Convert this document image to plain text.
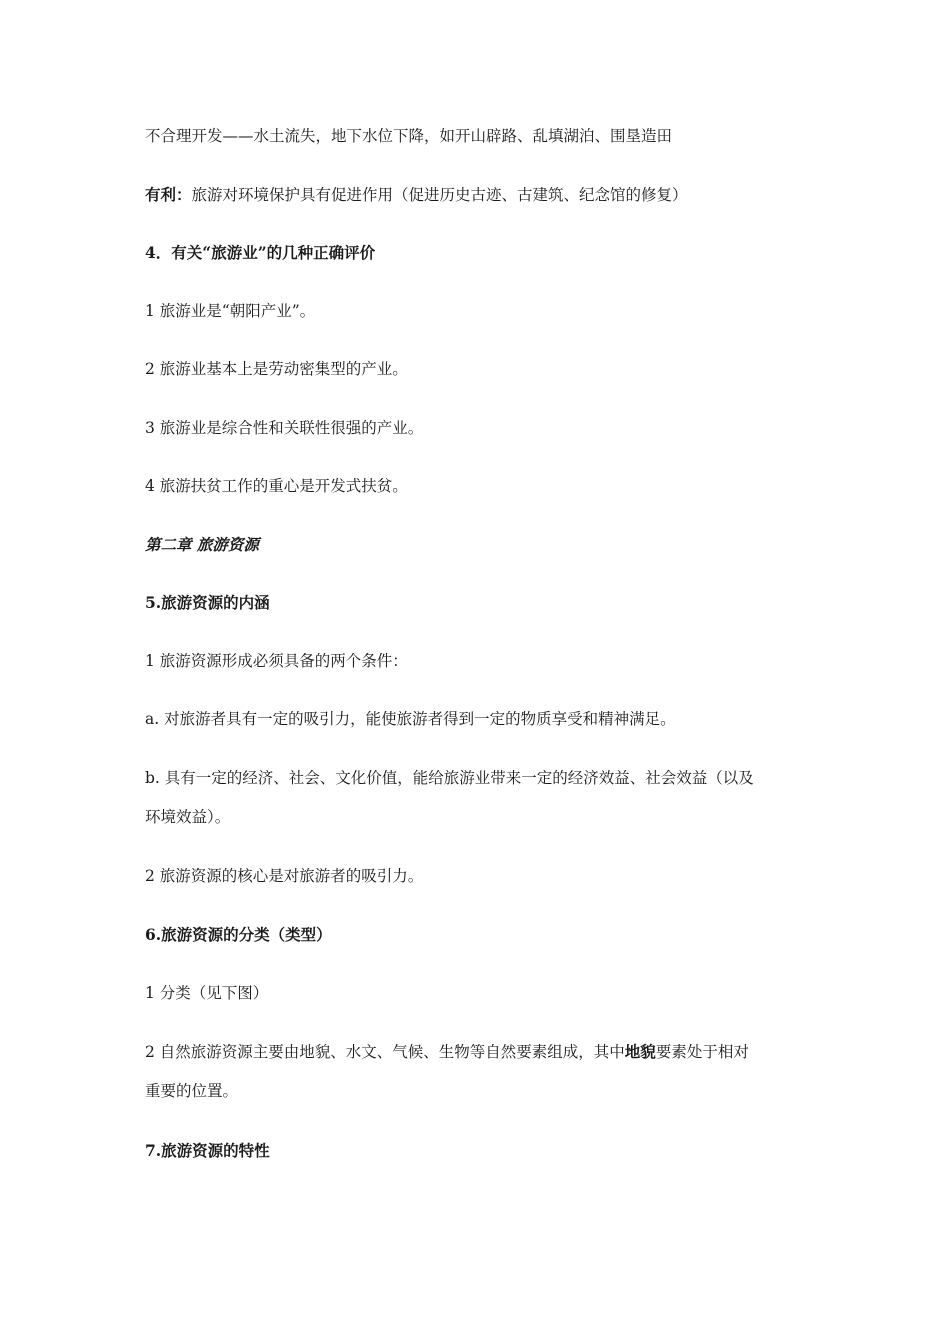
不合理开发——水土流失，地下水位下降，如开山辟路、乱填湖泊、围垦造田
有利：旅游对环境保护具有促进作用（促进历史古迹、古建筑、纪念馆的修复）
4．有关“旅游业”的几种正确评价
1 旅游业是“朝阳产业”。
2 旅游业基本上是劳动密集型的产业。
3 旅游业是综合性和关联性很强的产业。
4 旅游扶贫工作的重心是开发式扶贫。
第二章 旅游资源
5.旅游资源的内涵
1 旅游资源形成必须具备的两个条件：
a. 对旅游者具有一定的吸引力，能使旅游者得到一定的物质享受和精神满足。
b. 具有一定的经济、社会、文化价值，能给旅游业带来一定的经济效益、社会效益（以及
环境效益）。
2 旅游资源的核心是对旅游者的吸引力。
6.旅游资源的分类（类型）
1 分类（见下图）
2 自然旅游资源主要由地貌、水文、气候、生物等自然要素组成，其中地貌要素处于相对
重要的位置。
7.旅游资源的特性
